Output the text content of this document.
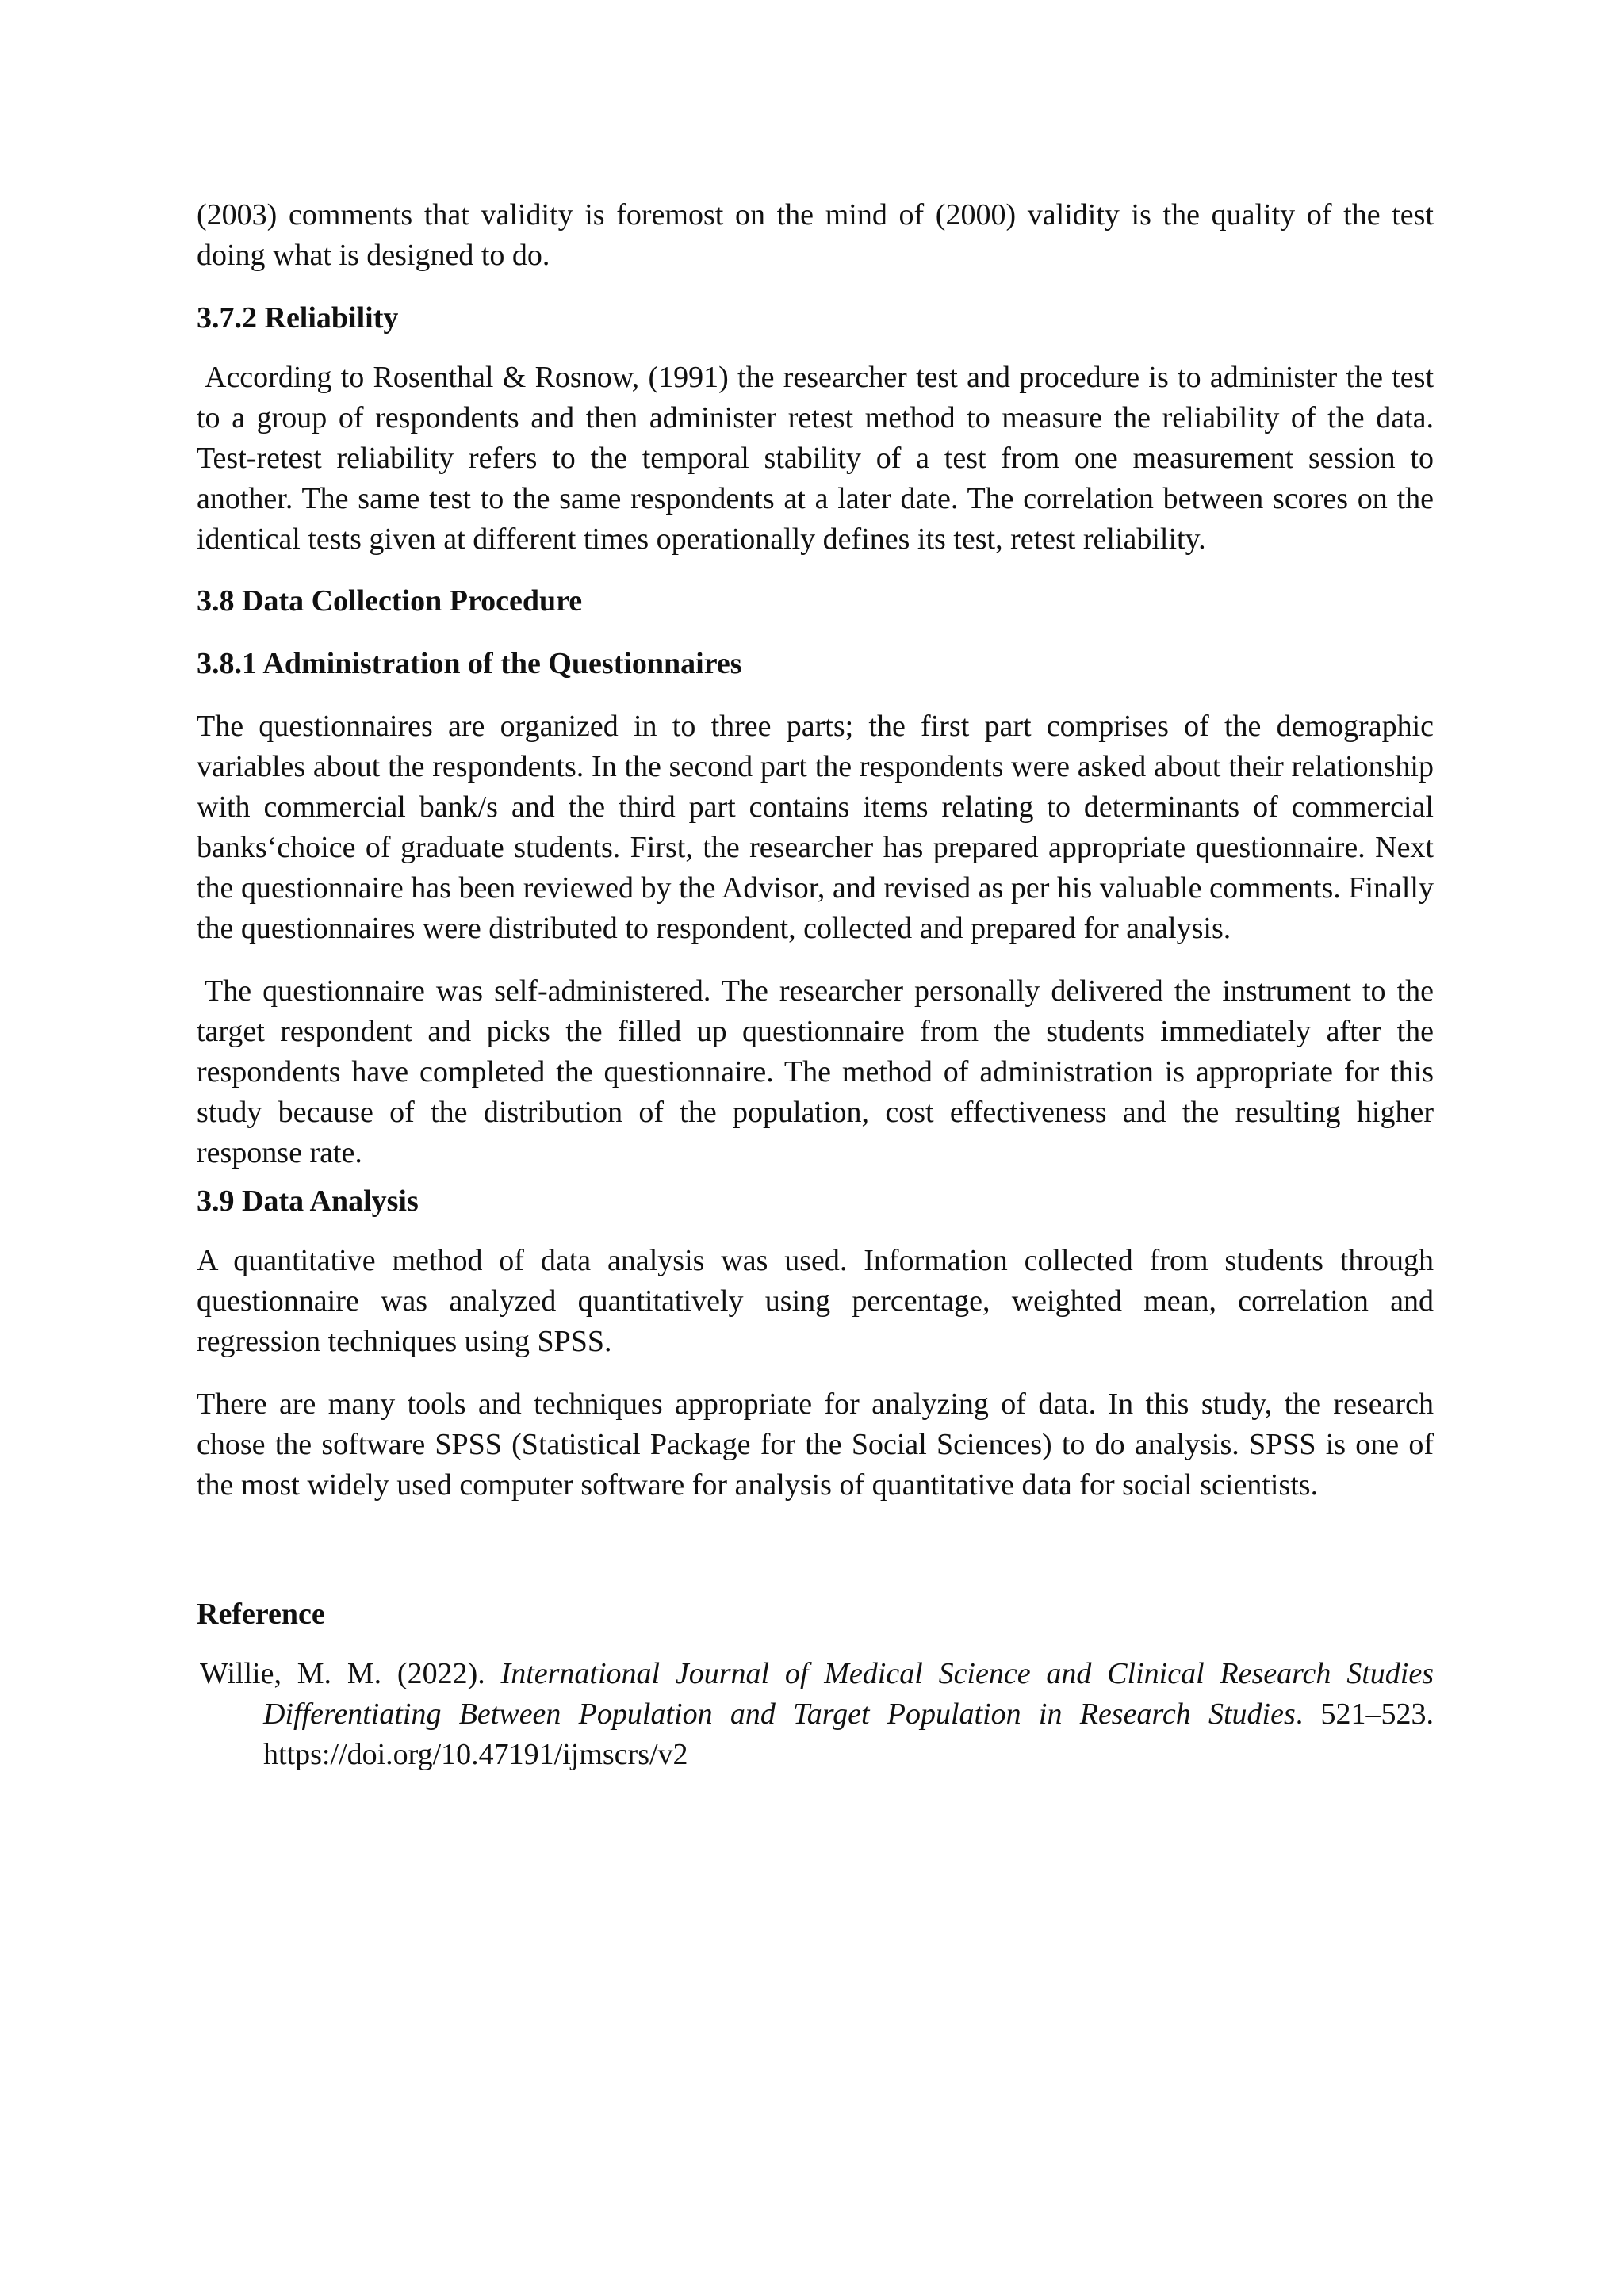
(2003) comments that validity is foremost on the mind of (2000) validity is the quality of the test doing what is designed to do.

3.7.2 Reliability

According to Rosenthal & Rosnow, (1991) the researcher test and procedure is to administer the test to a group of respondents and then administer retest method to measure the reliability of the data. Test-retest reliability refers to the temporal stability of a test from one measurement session to another. The same test to the same respondents at a later date. The correlation between scores on the identical tests given at different times operationally defines its test, retest reliability.

3.8 Data Collection Procedure
3.8.1 Administration of the Questionnaires

The questionnaires are organized in to three parts; the first part comprises of the demographic variables about the respondents. In the second part the respondents were asked about their relationship with commercial bank/s and the third part contains items relating to determinants of commercial banks‘choice of graduate students. First, the researcher has prepared appropriate questionnaire. Next the questionnaire has been reviewed by the Advisor, and revised as per his valuable comments. Finally the questionnaires were distributed to respondent, collected and prepared for analysis.

The questionnaire was self-administered. The researcher personally delivered the instrument to the target respondent and picks the filled up questionnaire from the students immediately after the respondents have completed the questionnaire. The method of administration is appropriate for this study because of the distribution of the population, cost effectiveness and the resulting higher response rate.

3.9 Data Analysis

A quantitative method of data analysis was used. Information collected from students through questionnaire was analyzed quantitatively using percentage, weighted mean, correlation and regression techniques using SPSS.

There are many tools and techniques appropriate for analyzing of data. In this study, the research chose the software SPSS (Statistical Package for the Social Sciences) to do analysis. SPSS is one of the most widely used computer software for analysis of quantitative data for social scientists.

Reference

Willie, M. M. (2022). International Journal of Medical Science and Clinical Research Studies Differentiating Between Population and Target Population in Research Studies. 521–523. https://doi.org/10.47191/ijmscrs/v2
